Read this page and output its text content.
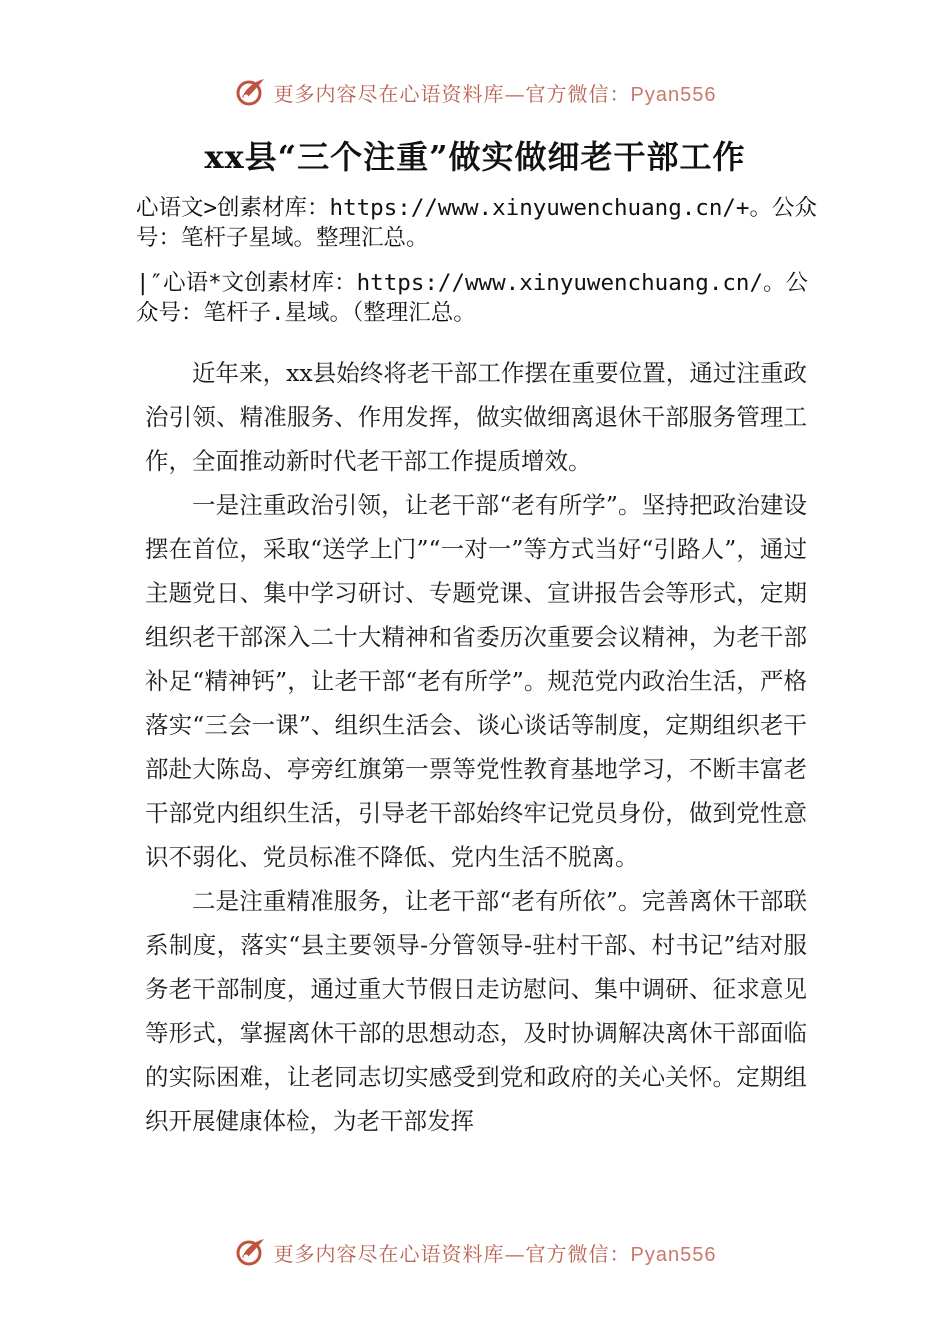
更多内容尽在心语资料库—官方微信：Pyan556
xx县“三个注重”做实做细老干部工作

心语文>创素材库：https://www.xinyuwenchuang.cn/+。公众号：笔杆子星域。整理汇总。

|″心语*文创素材库：https://www.xinyuwenchuang.cn/。公众号：笔杆子.星域。（整理汇总。

近年来，xx县始终将老干部工作摆在重要位置，通过注重政治引领、精准服务、作用发挥，做实做细离退休干部服务管理工作，全面推动新时代老干部工作提质增效。

一是注重政治引领，让老干部“老有所学”。坚持把政治建设摆在首位，采取“送学上门”“一对一”等方式当好“引路人”，通过主题党日、集中学习研讨、专题党课、宣讲报告会等形式，定期组织老干部深入二十大精神和省委历次重要会议精神，为老干部补足“精神钙”，让老干部“老有所学”。规范党内政治生活，严格落实“三会一课”、组织生活会、谈心谈话等制度，定期组织老干部赴大陈岛、亭旁红旗第一票等党性教育基地学习，不断丰富老干部党内组织生活，引导老干部始终牢记党员身份，做到党性意识不弱化、党员标准不降低、党内生活不脱离。

二是注重精准服务，让老干部“老有所依”。完善离休干部联系制度，落实“县主要领导-分管领导-驻村干部、村书记”结对服务老干部制度，通过重大节假日走访慰问、集中调研、征求意见等形式，掌握离休干部的思想动态，及时协调解决离休干部面临的实际困难，让老同志切实感受到党和政府的关心关怀。定期组织开展健康体检，为老干部发挥

更多内容尽在心语资料库—官方微信：Pyan556
